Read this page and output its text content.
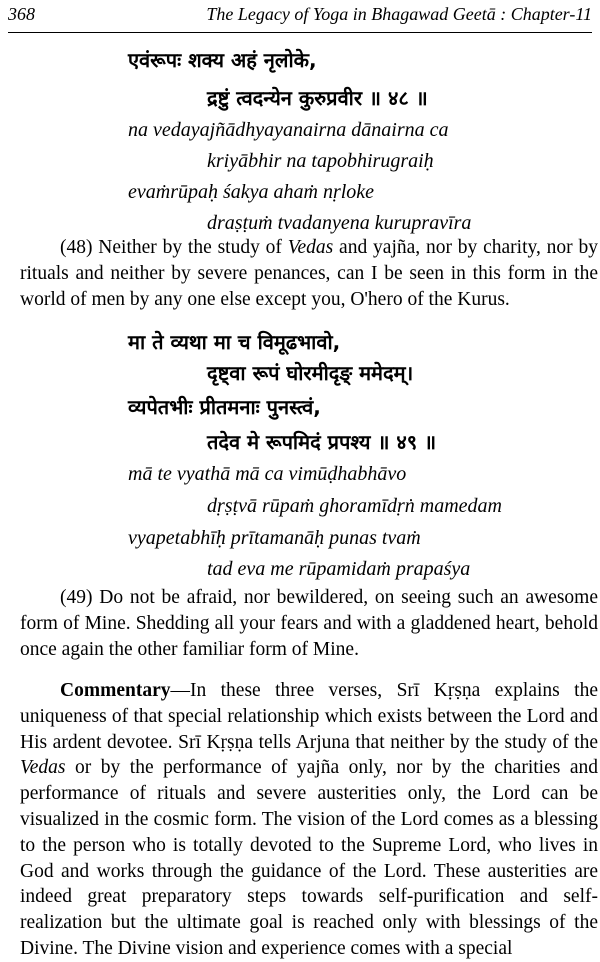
368	The Legacy of Yoga in Bhagawad Geetā : Chapter-11
एवंरूपः शक्य अहं नृलोके,
द्रष्टुं त्वदन्येन कुरुप्रवीर ॥ ४८ ॥
na vedayajñādhyayanairna dānairna ca
kriyābhir na tapobhirugraiḥ
evaṁrūpaḥ śakya ahaṁ nṛloke
draṣṭuṁ tvadanyena kurupravīra

(48) Neither by the study of Vedas and yajña, nor by charity, nor by rituals and neither by severe penances, can I be seen in this form in the world of men by any one else except you, O'hero of the Kurus.

मा ते व्यथा मा च विमूढभावो,
दृष्ट्वा रूपं घोरमीदृङ् ममेदम्।
व्यपेतभीः प्रीतमनाः पुनस्त्वं,
तदेव मे रूपमिदं प्रपश्य ॥ ४९ ॥
mā te vyathā mā ca vimūḍhabhāvo
dṛṣṭvā rūpaṁ ghoramīdṛṅ mamedam
vyapetabhīḥ prītamanāḥ punas tvaṁ
tad eva me rūpamidaṁ prapaśya

(49) Do not be afraid, nor bewildered, on seeing such an awesome form of Mine. Shedding all your fears and with a gladdened heart, behold once again the other familiar form of Mine.

Commentary—In these three verses, Srī Kṛṣṇa explains the uniqueness of that special relationship which exists between the Lord and His ardent devotee. Srī Kṛṣṇa tells Arjuna that neither by the study of the Vedas or by the performance of yajña only, nor by the charities and performance of rituals and severe austerities only, the Lord can be visualized in the cosmic form. The vision of the Lord comes as a blessing to the person who is totally devoted to the Supreme Lord, who lives in God and works through the guidance of the Lord. These austerities are indeed great preparatory steps towards self-purification and self-realization but the ultimate goal is reached only with blessings of the Divine. The Divine vision and experience comes with a special
